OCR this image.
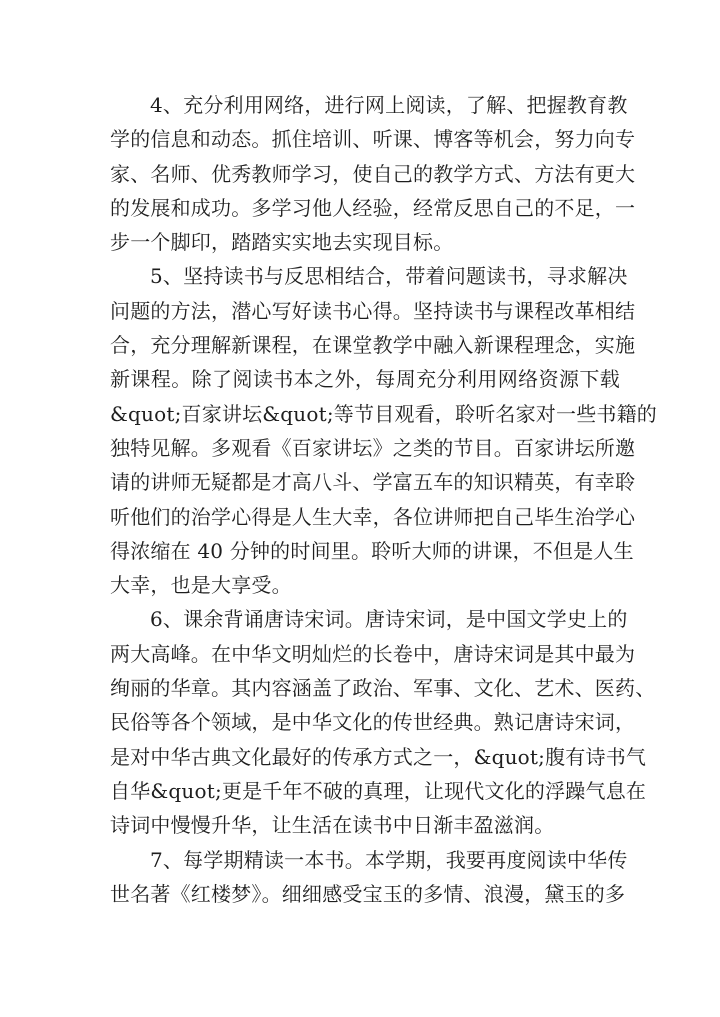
4、充分利用网络，进行网上阅读，了解、把握教育教
学的信息和动态。抓住培训、听课、博客等机会，努力向专
家、名师、优秀教师学习，使自己的教学方式、方法有更大
的发展和成功。多学习他人经验，经常反思自己的不足，一
步一个脚印，踏踏实实地去实现目标。
5、坚持读书与反思相结合，带着问题读书，寻求解决
问题的方法，潜心写好读书心得。坚持读书与课程改革相结
合，充分理解新课程，在课堂教学中融入新课程理念，实施
新课程。除了阅读书本之外，每周充分利用网络资源下载
&quot;百家讲坛&quot;等节目观看，聆听名家对一些书籍的
独特见解。多观看《百家讲坛》之类的节目。百家讲坛所邀
请的讲师无疑都是才高八斗、学富五车的知识精英，有幸聆
听他们的治学心得是人生大幸，各位讲师把自己毕生治学心
得浓缩在 40 分钟的时间里。聆听大师的讲课，不但是人生
大幸，也是大享受。
6、课余背诵唐诗宋词。唐诗宋词，是中国文学史上的
两大高峰。在中华文明灿烂的长卷中，唐诗宋词是其中最为
绚丽的华章。其内容涵盖了政治、军事、文化、艺术、医药、
民俗等各个领域，是中华文化的传世经典。熟记唐诗宋词，
是对中华古典文化最好的传承方式之一，&quot;腹有诗书气
自华&quot;更是千年不破的真理，让现代文化的浮躁气息在
诗词中慢慢升华，让生活在读书中日渐丰盈滋润。
7、每学期精读一本书。本学期，我要再度阅读中华传
世名著《红楼梦》。细细感受宝玉的多情、浪漫，黛玉的多
